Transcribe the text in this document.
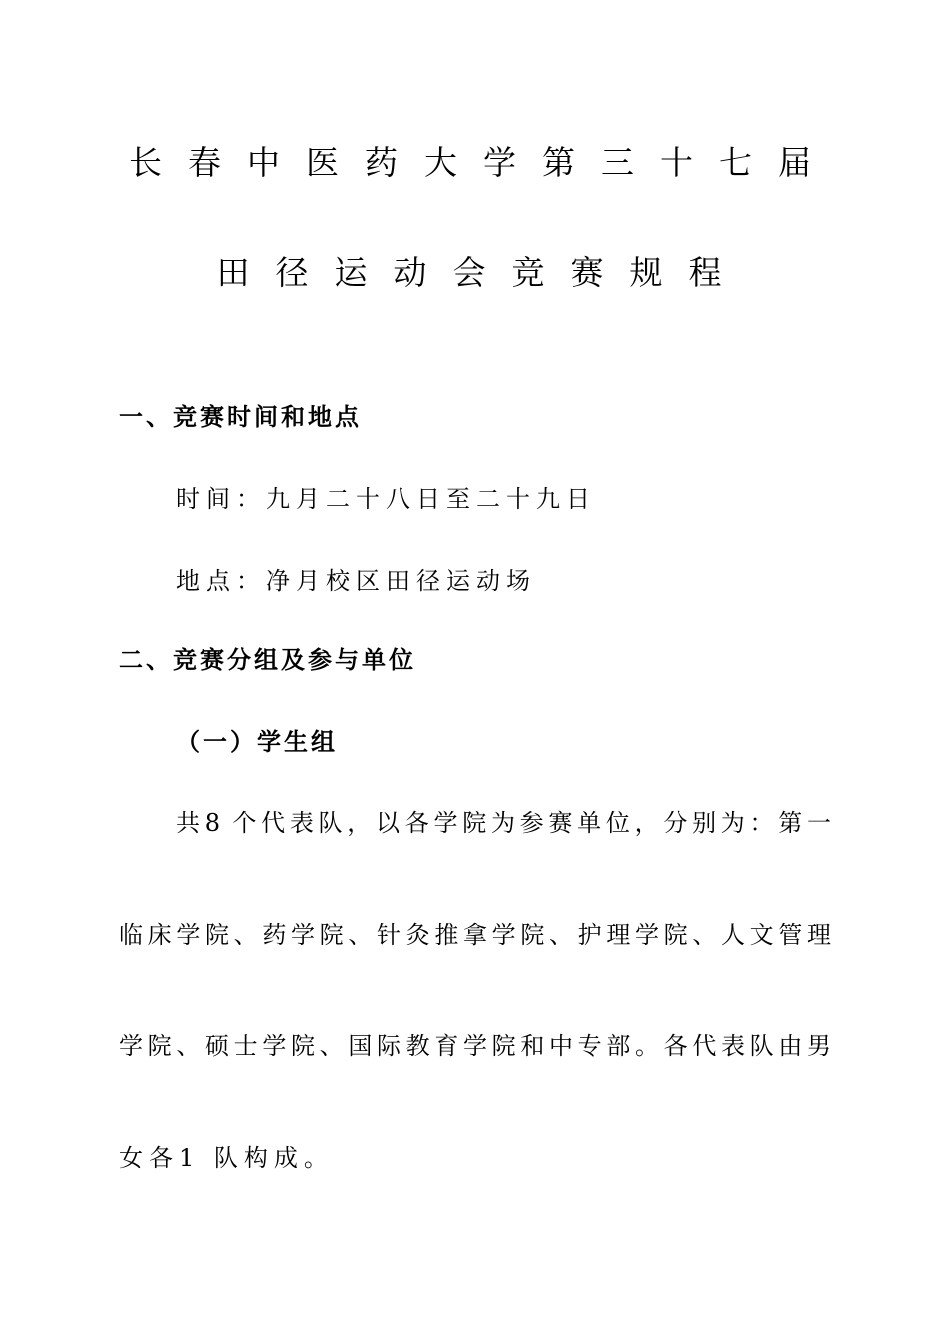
长春中医药大学第三十七届
田径运动会竞赛规程
一、竞赛时间和地点
时间：九月二十八日至二十九日
地点：净月校区田径运动场
二、竞赛分组及参与单位
（一）学生组
共8 个代表队，以各学院为参赛单位，分别为：第一
临床学院、药学院、针灸推拿学院、护理学院、人文管理
学院、硕士学院、国际教育学院和中专部。各代表队由男
女各1 队构成。
